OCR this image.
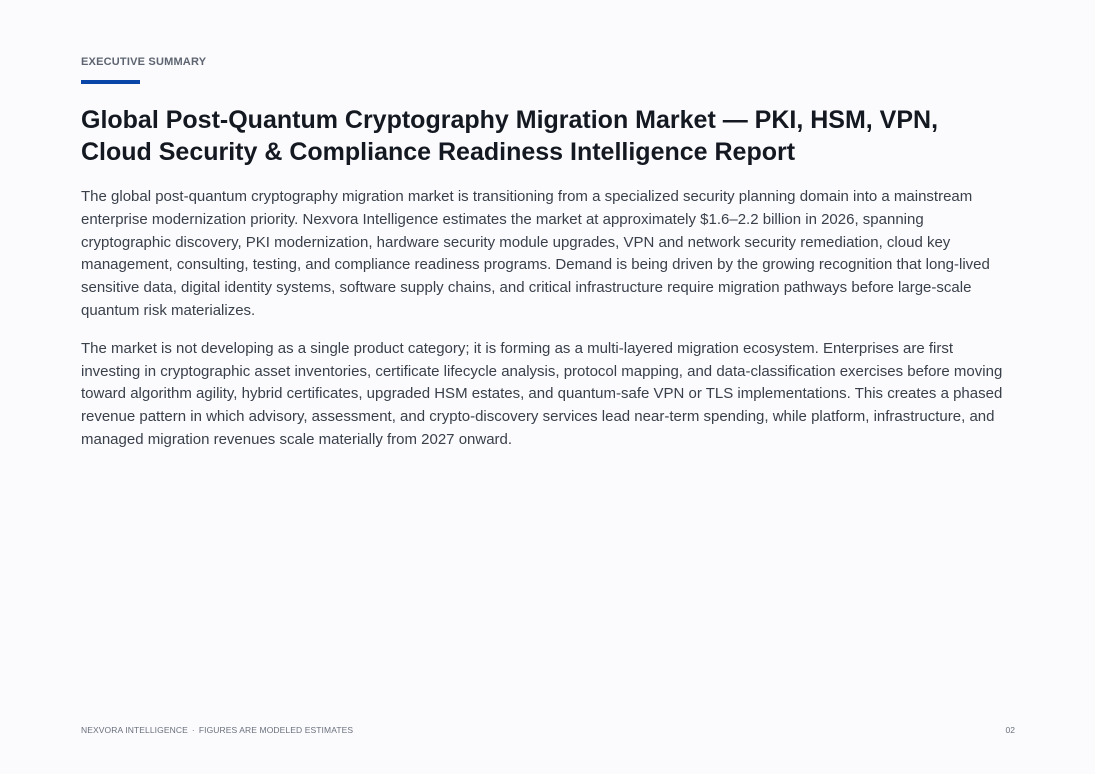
EXECUTIVE SUMMARY
Global Post-Quantum Cryptography Migration Market — PKI, HSM, VPN,
Cloud Security & Compliance Readiness Intelligence Report

The global post-quantum cryptography migration market is transitioning from a specialized security planning domain into a mainstream enterprise modernization priority. Nexvora Intelligence estimates the market at approximately $1.6–2.2 billion in 2026, spanning cryptographic discovery, PKI modernization, hardware security module upgrades, VPN and network security remediation, cloud key management, consulting, testing, and compliance readiness programs. Demand is being driven by the growing recognition that long-lived sensitive data, digital identity systems, software supply chains, and critical infrastructure require migration pathways before large-scale quantum risk materializes.

The market is not developing as a single product category; it is forming as a multi-layered migration ecosystem. Enterprises are first investing in cryptographic asset inventories, certificate lifecycle analysis, protocol mapping, and data-classification exercises before moving toward algorithm agility, hybrid certificates, upgraded HSM estates, and quantum-safe VPN or TLS implementations. This creates a phased revenue pattern in which advisory, assessment, and crypto-discovery services lead near-term spending, while platform, infrastructure, and managed migration revenues scale materially from 2027 onward.

NEXVORA INTELLIGENCE · FIGURES ARE MODELED ESTIMATES	02
